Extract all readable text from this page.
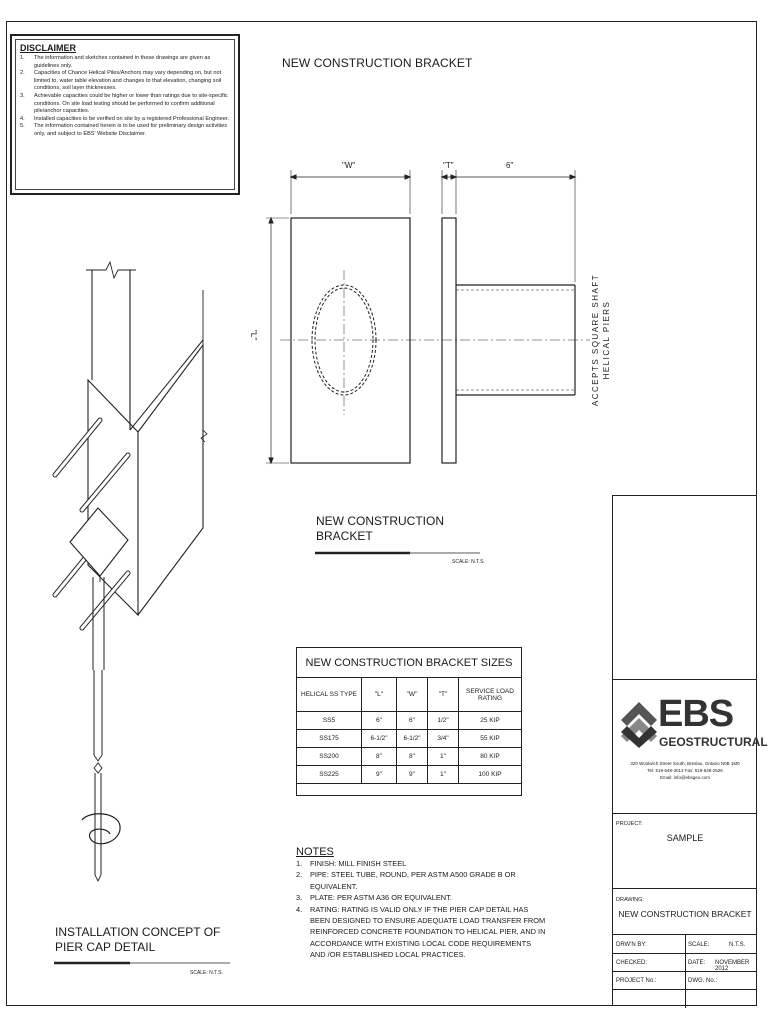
DISCLAIMER
1.	The information and sketches contained in these drawings are given as guidelines only.
2.	Capacities of Chance Helical Piles/Anchors may vary depending on, but not limited to, water table elevation and changes to that elevation, changing soil conditions, soil layer thicknesses.
3.	Achievable capacities could be higher or lower than ratings due to site-specific conditions. On site load testing should be performed to confirm additional pile/anchor capacities.
4.	Installed capacities to be verified on site by a registered Professional Engineer.
5.	The information contained herein is to be used for preliminary design activities only, and subject to EBS' Website Disclaimer.
NEW CONSTRUCTION BRACKET
"W"	"T"	6"
"L"	ACCEPTS SQUARE SHAFT HELICAL PIERS
NEW CONSTRUCTION
BRACKET
SCALE: N.T.S.
INSTALLATION CONCEPT OF
PIER CAP DETAIL
SCALE: N.T.S.
NEW CONSTRUCTION BRACKET SIZES				
HELICAL SS TYPE	"L"	"W"	"T"	SERVICE LOAD RATING
SS5	6"	6"	1/2"	25 KIP
SS175	6-1/2"	6-1/2"	3/4"	55 KIP
SS200	8"	8"	1"	80 KIP
SS225	9"	9"	1"	100 KIP

NOTES
1.	FINISH: MILL FINISH STEEL
2.	PIPE: STEEL TUBE, ROUND, PER ASTM A500 GRADE B OR EQUIVALENT.
3.	PLATE: PER ASTM A36 OR EQUIVALENT.
4.	RATING: RATING IS VALID ONLY IF THE PIER CAP DETAIL HAS BEEN DESIGNED TO ENSURE ADEQUATE LOAD TRANSFER FROM REINFORCED CONCRETE FOUNDATION TO HELICAL PIER, AND IN ACCORDANCE WITH EXISTING LOCAL CODE REQUIREMENTS AND /OR ESTABLISHED LOCAL PRACTICES.
EBS
GEOSTRUCTURAL
320 Woolwich Street South, Breslau, Ontario N0B 1M0
Tel: 519-648-3013 Fax: 519-648-2526
Email: info@ebsgeo.com
PROJECT:
SAMPLE
DRAWING:
NEW CONSTRUCTION BRACKET
DRW'N BY:	SCALE:	N.T.S.
CHECKED:	DATE: NOVEMBER 2012
PROJECT No.:	DWG. No.:
